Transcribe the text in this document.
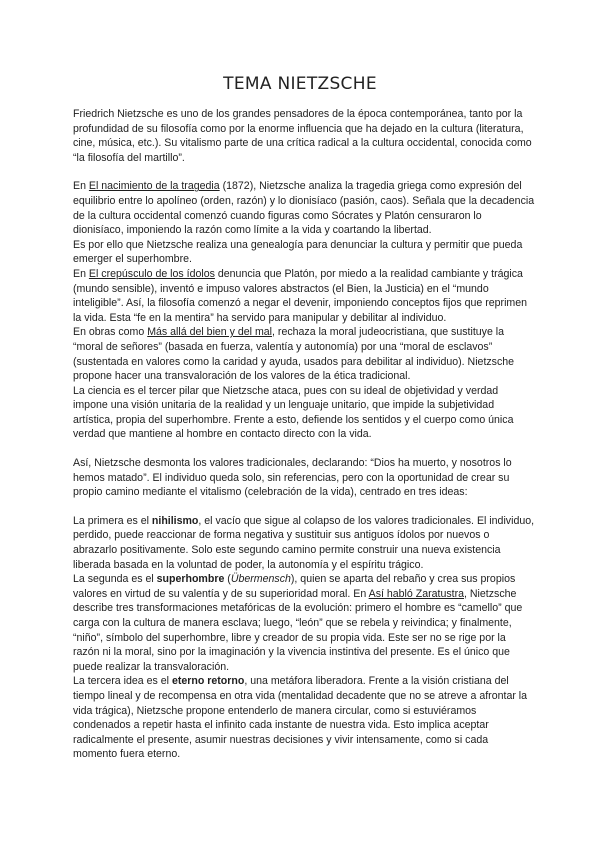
TEMA NIETZSCHE

Friedrich Nietzsche es uno de los grandes pensadores de la época contemporánea, tanto por la profundidad de su filosofía como por la enorme influencia que ha dejado en la cultura (literatura, cine, música, etc.). Su vitalismo parte de una crítica radical a la cultura occidental, conocida como “la filosofía del martillo”.

En El nacimiento de la tragedia (1872), Nietzsche analiza la tragedia griega como expresión del equilibrio entre lo apolíneo (orden, razón) y lo dionisíaco (pasión, caos). Señala que la decadencia de la cultura occidental comenzó cuando figuras como Sócrates y Platón censuraron lo dionisíaco, imponiendo la razón como límite a la vida y coartando la libertad.

Es por ello que Nietzsche realiza una genealogía para denunciar la cultura y permitir que pueda emerger el superhombre.

En El crepúsculo de los ídolos denuncia que Platón, por miedo a la realidad cambiante y trágica (mundo sensible), inventó e impuso valores abstractos (el Bien, la Justicia) en el “mundo inteligible”. Así, la filosofía comenzó a negar el devenir, imponiendo conceptos fijos que reprimen la vida. Esta “fe en la mentira” ha servido para manipular y debilitar al individuo.

En obras como Más allá del bien y del mal, rechaza la moral judeocristiana, que sustituye la “moral de señores” (basada en fuerza, valentía y autonomía) por una “moral de esclavos” (sustentada en valores como la caridad y ayuda, usados para debilitar al individuo). Nietzsche propone hacer una transvaloración de los valores de la ética tradicional.

La ciencia es el tercer pilar que Nietzsche ataca, pues con su ideal de objetividad y verdad impone una visión unitaria de la realidad y un lenguaje unitario, que impide la subjetividad artística, propia del superhombre. Frente a esto, defiende los sentidos y el cuerpo como única verdad que mantiene al hombre en contacto directo con la vida.

Así, Nietzsche desmonta los valores tradicionales, declarando: “Dios ha muerto, y nosotros lo hemos matado”. El individuo queda solo, sin referencias, pero con la oportunidad de crear su propio camino mediante el vitalismo (celebración de la vida), centrado en tres ideas:

La primera es el nihilismo, el vacío que sigue al colapso de los valores tradicionales. El individuo, perdido, puede reaccionar de forma negativa y sustituir sus antiguos ídolos por nuevos o abrazarlo positivamente. Solo este segundo camino permite construir una nueva existencia liberada basada en la voluntad de poder, la autonomía y el espíritu trágico.

La segunda es el superhombre (Übermensch), quien se aparta del rebaño y crea sus propios valores en virtud de su valentía y de su superioridad moral. En Así habló Zaratustra, Nietzsche describe tres transformaciones metafóricas de la evolución: primero el hombre es “camello” que carga con la cultura de manera esclava; luego, “león” que se rebela y reivindica; y finalmente, “niño”, símbolo del superhombre, libre y creador de su propia vida. Este ser no se rige por la razón ni la moral, sino por la imaginación y la vivencia instintiva del presente. Es el único que puede realizar la transvaloración.

La tercera idea es el eterno retorno, una metáfora liberadora. Frente a la visión cristiana del tiempo lineal y de recompensa en otra vida (mentalidad decadente que no se atreve a afrontar la vida trágica), Nietzsche propone entenderlo de manera circular, como si estuviéramos condenados a repetir hasta el infinito cada instante de nuestra vida. Esto implica aceptar radicalmente el presente, asumir nuestras decisiones y vivir intensamente, como si cada momento fuera eterno.
